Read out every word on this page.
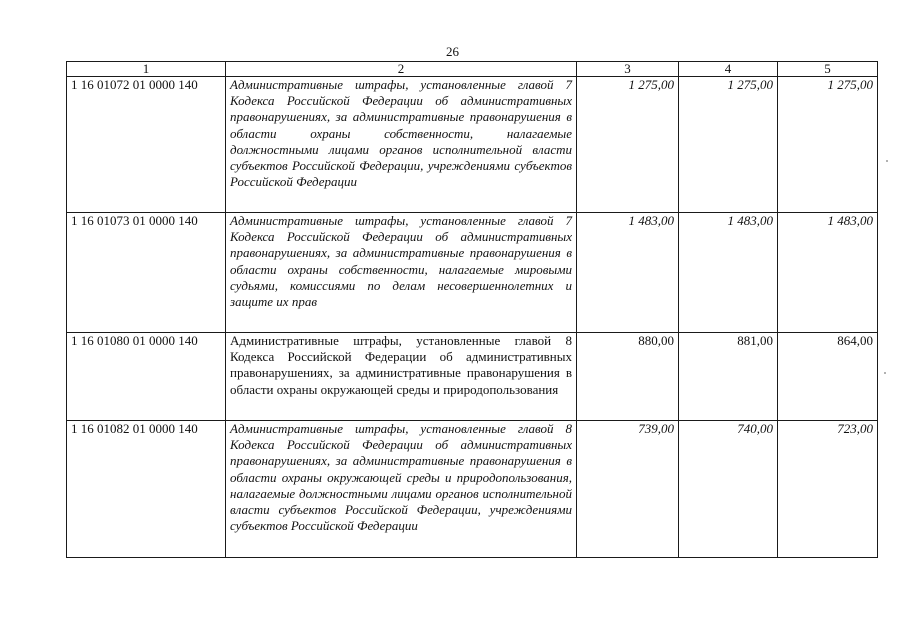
26
1	2	3	4	5
1 16 01072 01 0000 140	Административные штрафы, установленные главой 7 Кодекса Российской Федерации об административных правонарушениях, за административные правонарушения в области охраны собственности, налагаемые должностными лицами органов исполнительной власти субъектов Российской Федерации, учреждениями субъектов Российской Федерации	1 275,00	1 275,00	1 275,00
1 16 01073 01 0000 140	Административные штрафы, установленные главой 7 Кодекса Российской Федерации об административных правонарушениях, за административные правонарушения в области охраны собственности, налагаемые мировыми судьями, комиссиями по делам несовершеннолетних и защите их прав	1 483,00	1 483,00	1 483,00
1 16 01080 01 0000 140	Административные штрафы, установленные главой 8 Кодекса Российской Федерации об административных правонарушениях, за административные правонарушения в области охраны окружающей среды и природопользования	880,00	881,00	864,00
1 16 01082 01 0000 140	Административные штрафы, установленные главой 8 Кодекса Российской Федерации об административных правонарушениях, за административные правонарушения в области охраны окружающей среды и природопользования, налагаемые должностными лицами органов исполнительной власти субъектов Российской Федерации, учреждениями субъектов Российской Федерации	739,00	740,00	723,00
